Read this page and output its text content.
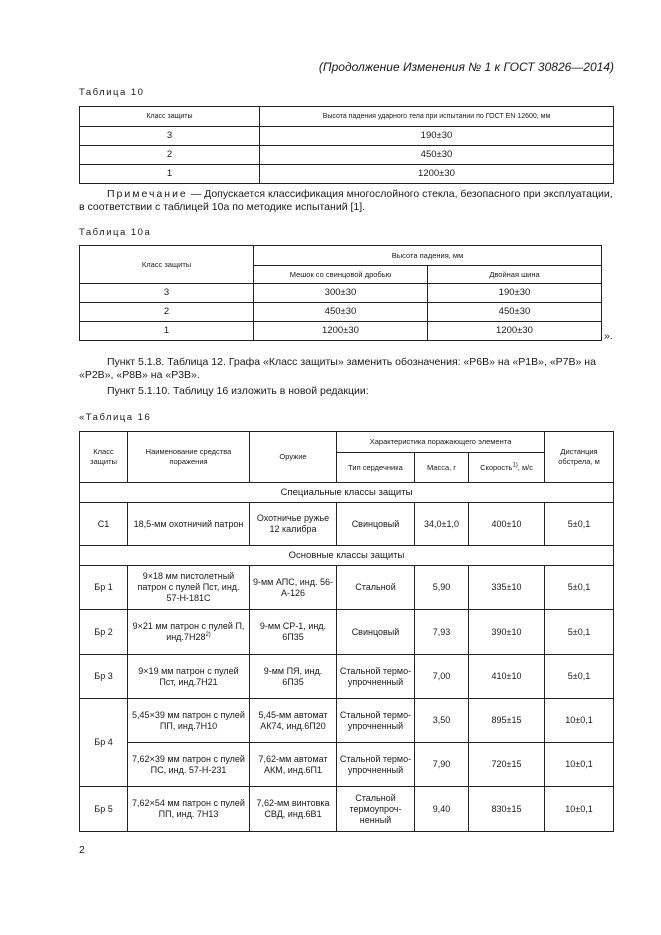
(Продолжение Изменения № 1 к ГОСТ 30826—2014)
Таблица 10
Класс защиты	Высота падения ударного тела при испытании по ГОСТ EN 12600, мм
3	190±30
2	450±30
1	1200±30
Примечание — Допускается классификация многослойного стекла, безопасного при эксплуатации, в соответствии с таблицей 10а по методике испытаний [1].
Таблица 10а
Класс защиты	Высота падения, мм	
	Мешок со свинцовой дробью	Двойная шина
3	300±30	190±30
2	450±30	450±30
1	1200±30	1200±30	».
Пункт 5.1.8. Таблица 12. Графа «Класс защиты» заменить обозначения: «Р6В» на «Р1В», «Р7В» на «Р2В», «Р8В» на «Р3В».
Пункт 5.1.10. Таблицу 16 изложить в новой редакции:
«Таблица 16
Класс защиты	Наименование средства поражения	Оружие	Характеристика поражающего элемента			Дистанция обстрела, м
			Тип сердечника	Масса, г	Скорость$^{1)}$, м/с	
Специальные классы защиты						
С1	18,5-мм охотничий патрон	Охотничье ружье 12 калибра	Свинцовый	34,0±1,0	400±10	5±0,1
Основные классы защиты						
Бр 1	9×18 мм пистолетный патрон с пулей Пст, инд. 57-Н-181С	9-мм АПС, инд. 56-А-126	Стальной	5,90	335±10	5±0,1
Бр 2	9×21 мм патрон с пулей П, инд.7Н28$^{2)}$	9-мм СР-1, инд. 6П35	Свинцовый	7,93	390±10	5±0,1
Бр 3	9×19 мм патрон с пулей Пст, инд.7Н21	9-мм ПЯ, инд. 6П35	Стальной термо-упрочненный	7,00	410±10	5±0,1
Бр 4	5,45×39 мм патрон с пулей ПП, инд.7Н10	5,45-мм автомат АК74, инд.6П20	Стальной термо-упрочненный	3,50	895±15	10±0,1
	7,62×39 мм патрон с пулей ПС, инд. 57-Н-231	7,62-мм автомат АКМ, инд.6П1	Стальной термо-упрочненный	7,90	720±15	10±0,1
Бр 5	7,62×54 мм патрон с пулей ПП, инд. 7Н13	7,62-мм винтовка СВД, инд.6В1	Стальной термоупроч-ненный	9,40	830±15	10±0,1
2
